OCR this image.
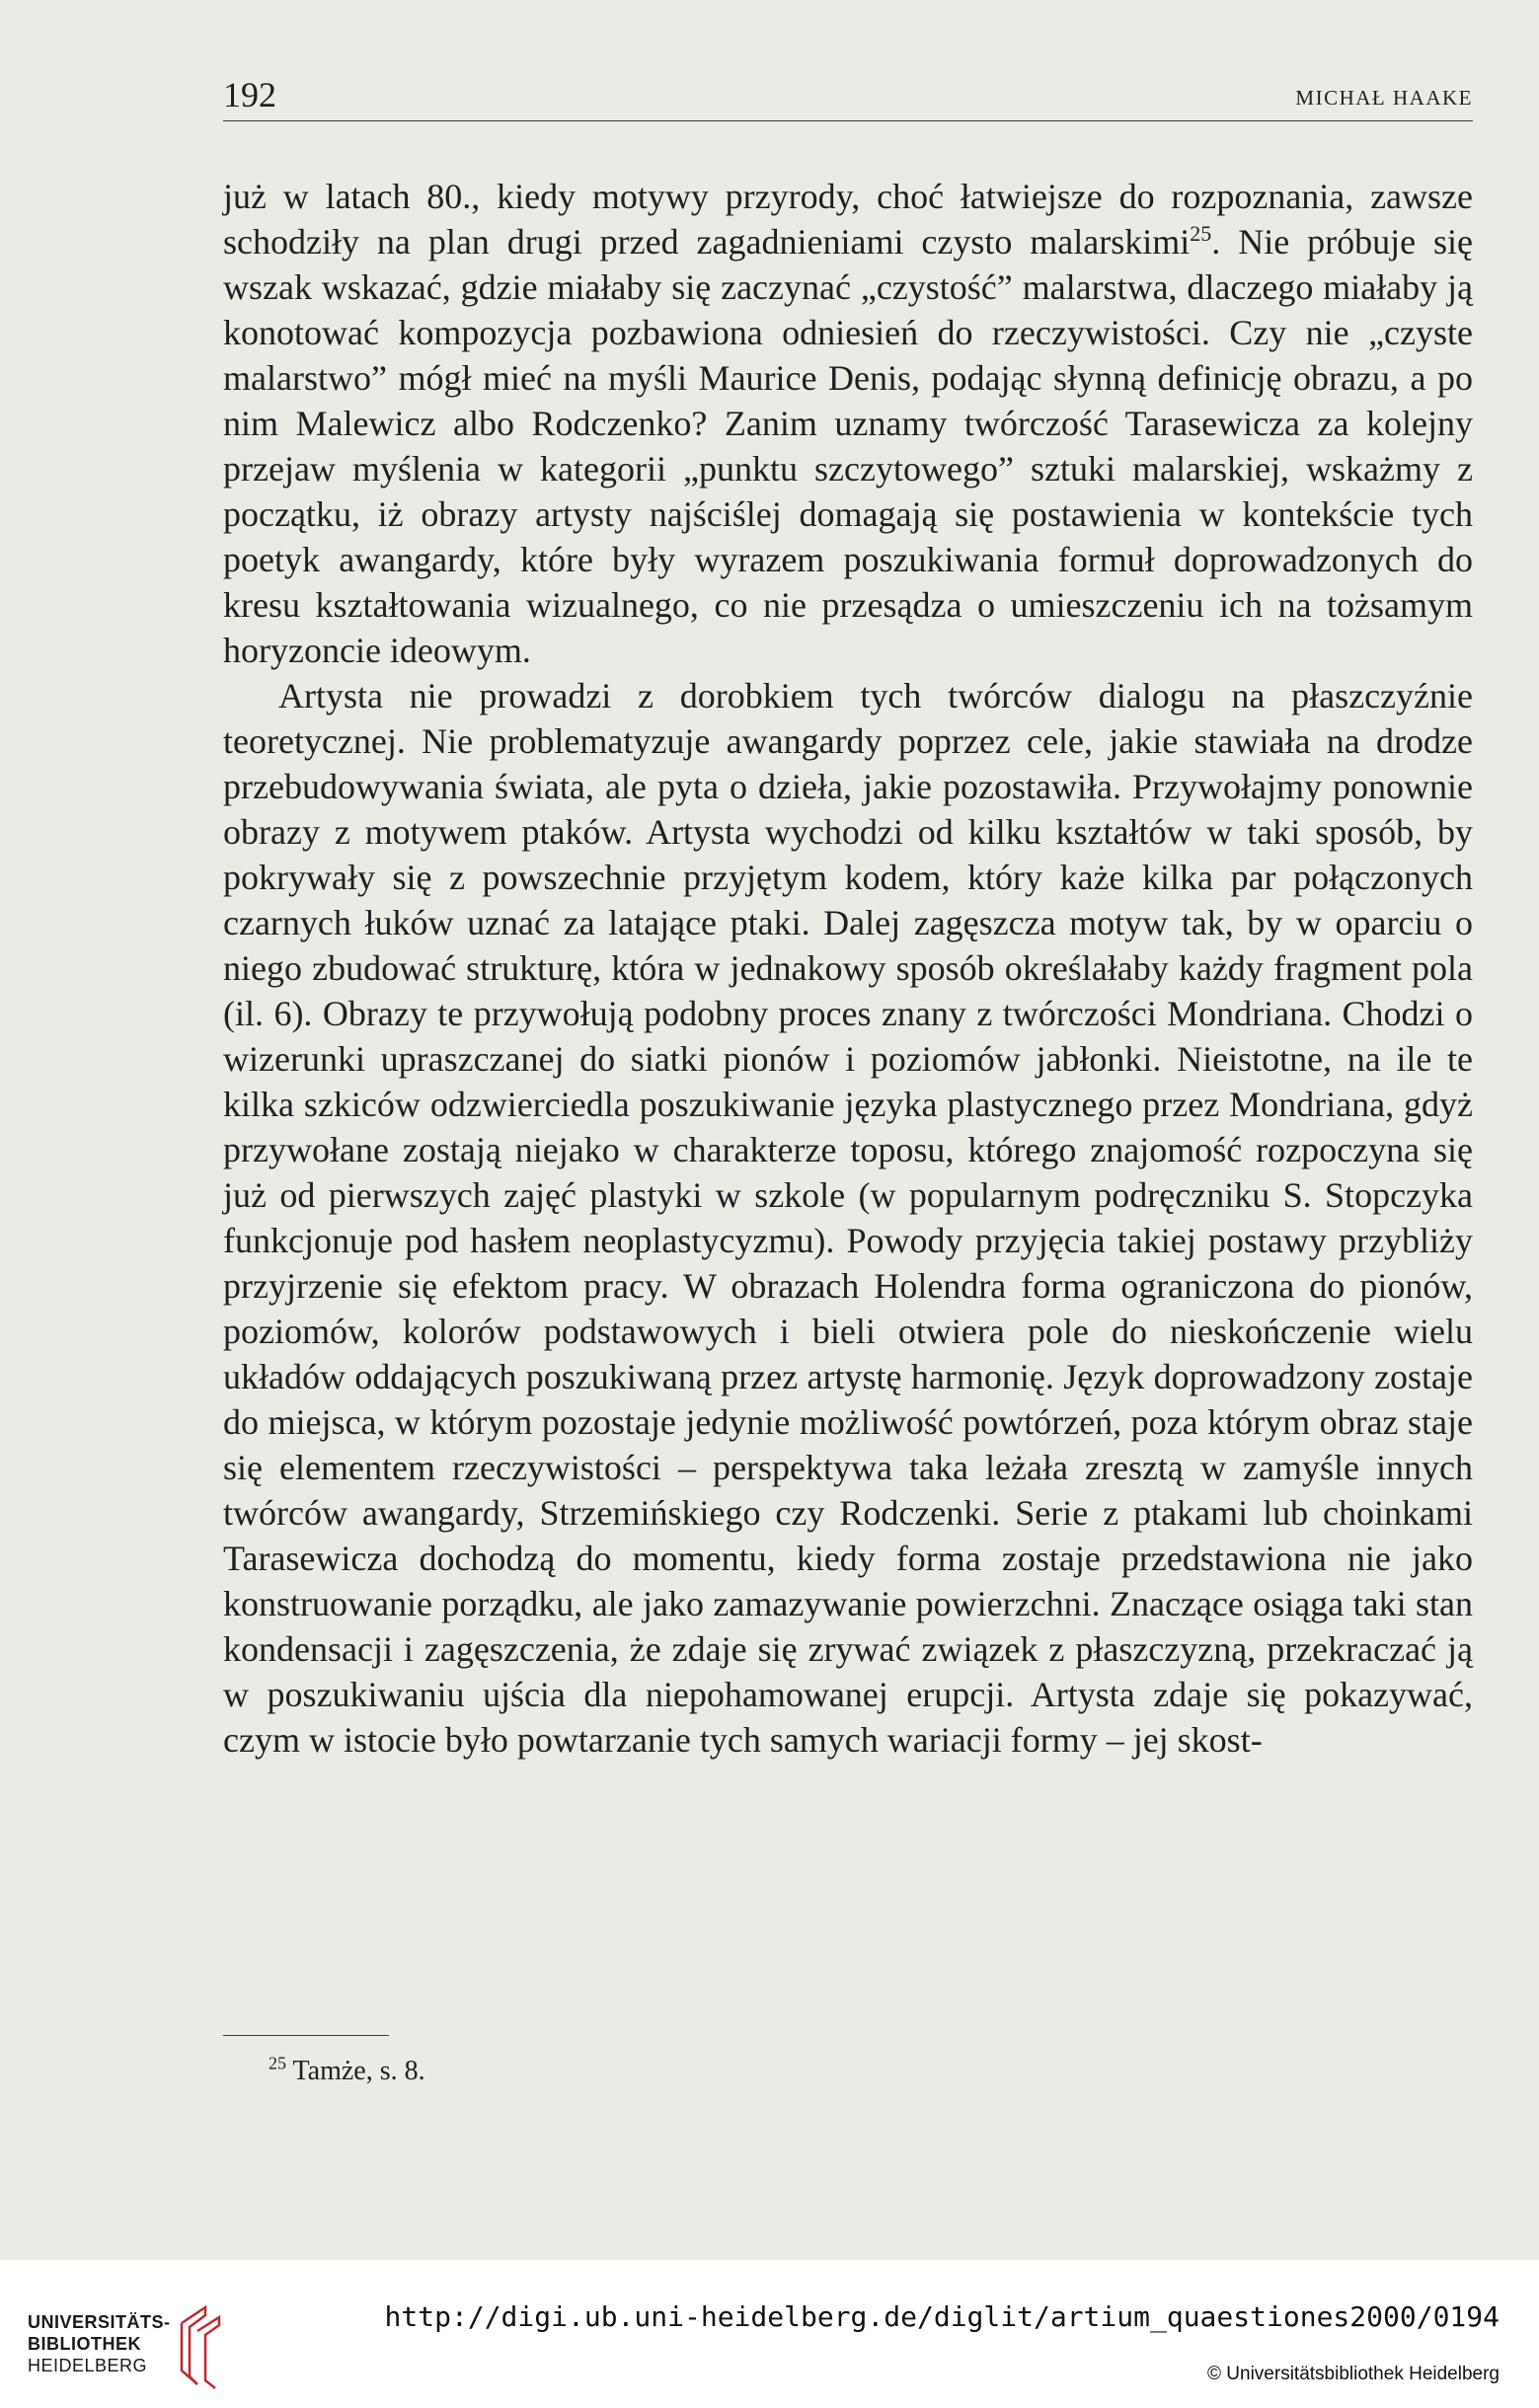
192	MICHAŁ HAAKE

już w latach 80., kiedy motywy przyrody, choć łatwiejsze do rozpoznania, zawsze schodziły na plan drugi przed zagadnieniami czysto malarskimi$^{25}$. Nie próbuje się wszak wskazać, gdzie miałaby się zaczynać „czystość” malarstwa, dlaczego miałaby ją konotować kompozycja pozbawiona odniesień do rzeczywistości. Czy nie „czyste malarstwo” mógł mieć na myśli Maurice Denis, podając słynną definicję obrazu, a po nim Malewicz albo Rodczenko? Zanim uznamy twórczość Tarasewicza za kolejny przejaw myślenia w kategorii „punktu szczytowego” sztuki malarskiej, wskażmy z początku, iż obrazy artysty najściślej domagają się postawienia w kontekście tych poetyk awangardy, które były wyrazem poszukiwania formuł doprowadzonych do kresu kształtowania wizualnego, co nie przesądza o umieszczeniu ich na tożsamym horyzoncie ideowym.

Artysta nie prowadzi z dorobkiem tych twórców dialogu na płaszczyźnie teoretycznej. Nie problematyzuje awangardy poprzez cele, jakie stawiała na drodze przebudowywania świata, ale pyta o dzieła, jakie pozostawiła. Przywołajmy ponownie obrazy z motywem ptaków. Artysta wychodzi od kilku kształtów w taki sposób, by pokrywały się z powszechnie przyjętym kodem, który każe kilka par połączonych czarnych łuków uznać za latające ptaki. Dalej zagęszcza motyw tak, by w oparciu o niego zbudować strukturę, która w jednakowy sposób określałaby każdy fragment pola (il. 6). Obrazy te przywołują podobny proces znany z twórczości Mondriana. Chodzi o wizerunki upraszczanej do siatki pionów i poziomów jabłonki. Nieistotne, na ile te kilka szkiców odzwierciedla poszukiwanie języka plastycznego przez Mondriana, gdyż przywołane zostają niejako w charakterze toposu, którego znajomość rozpoczyna się już od pierwszych zajęć plastyki w szkole (w popularnym podręczniku S. Stopczyka funkcjonuje pod hasłem neoplastycyzmu). Powody przyjęcia takiej postawy przybliży przyjrzenie się efektom pracy. W obrazach Holendra forma ograniczona do pionów, poziomów, kolorów podstawowych i bieli otwiera pole do nieskończenie wielu układów oddających poszukiwaną przez artystę harmonię. Język doprowadzony zostaje do miejsca, w którym pozostaje jedynie możliwość powtórzeń, poza którym obraz staje się elementem rzeczywistości – perspektywa taka leżała zresztą w zamyśle innych twórców awangardy, Strzemińskiego czy Rodczenki. Serie z ptakami lub choinkami Tarasewicza dochodzą do momentu, kiedy forma zostaje przedstawiona nie jako konstruowanie porządku, ale jako zamazywanie powierzchni. Znaczące osiąga taki stan kondensacji i zagęszczenia, że zdaje się zrywać związek z płaszczyzną, przekraczać ją w poszukiwaniu ujścia dla niepohamowanej erupcji. Artysta zdaje się pokazywać, czym w istocie było powtarzanie tych samych wariacji formy – jej skost-

$^{25}$ Tamże, s. 8.
UNIVERSITÄTS-
BIBLIOTHEK
HEIDELBERG
http://digi.ub.uni-heidelberg.de/diglit/artium_quaestiones2000/0194
© Universitätsbibliothek Heidelberg
